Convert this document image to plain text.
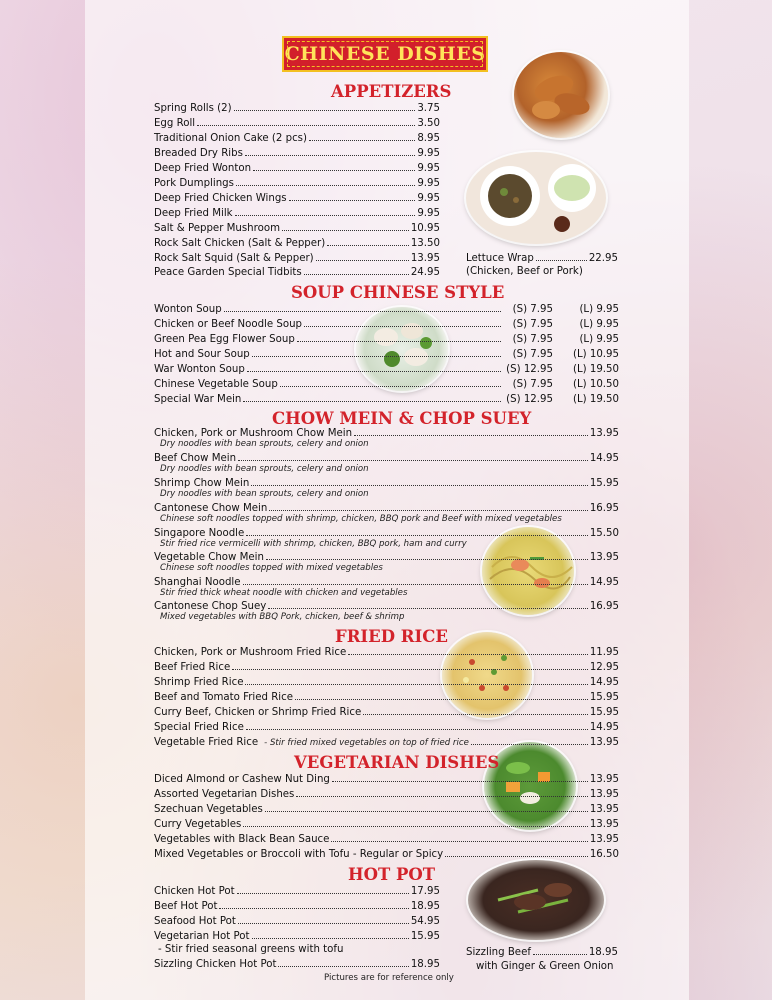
CHINESE DISHES
APPETIZERS
Spring Rolls (2)	3.75
Egg Roll	3.50
Traditional Onion Cake (2 pcs)	8.95
Breaded Dry Ribs	9.95
Deep Fried Wonton	9.95
Pork Dumplings	9.95
Deep Fried Chicken Wings	9.95
Deep Fried Milk	9.95
Salt & Pepper Mushroom	10.95
Rock Salt Chicken (Salt & Pepper)	13.50
Rock Salt Squid (Salt & Pepper)	13.95
Peace Garden Special Tidbits	24.95
Lettuce Wrap	22.95
(Chicken, Beef or Pork)
SOUP CHINESE STYLE
Wonton Soup	(S) 7.95	(L) 9.95
Chicken or Beef Noodle Soup	(S) 7.95	(L) 9.95
Green Pea Egg Flower Soup	(S) 7.95	(L) 9.95
Hot and Sour Soup	(S) 7.95	(L) 10.95
War Wonton Soup	(S) 12.95	(L) 19.50
Chinese Vegetable Soup	(S) 7.95	(L) 10.50
Special War Mein	(S) 12.95	(L) 19.50
CHOW MEIN & CHOP SUEY
Chicken, Pork or Mushroom Chow Mein	13.95
Dry noodles with bean sprouts, celery and onion
Beef Chow Mein	14.95
Dry noodles with bean sprouts, celery and onion
Shrimp Chow Mein	15.95
Dry noodles with bean sprouts, celery and onion
Cantonese Chow Mein	16.95
Chinese soft noodles topped with shrimp, chicken, BBQ pork and Beef with mixed vegetables
Singapore Noodle	15.50
Stir fried rice vermicelli with shrimp, chicken, BBQ pork, ham and curry
Vegetable Chow Mein	13.95
Chinese soft noodles topped with mixed vegetables
Shanghai Noodle	14.95
Stir fried thick wheat noodle with chicken and vegetables
Cantonese Chop Suey	16.95
Mixed vegetables with BBQ Pork, chicken, beef & shrimp
FRIED RICE
Chicken, Pork or Mushroom Fried Rice	11.95
Beef Fried Rice	12.95
Shrimp Fried Rice	14.95
Beef and Tomato Fried Rice	15.95
Curry Beef, Chicken or Shrimp Fried Rice	15.95
Special Fried Rice	14.95
Vegetable Fried Rice - Stir fried mixed vegetables on top of fried rice	13.95
VEGETARIAN DISHES
Diced Almond or Cashew Nut Ding	13.95
Assorted Vegetarian Dishes	13.95
Szechuan Vegetables	13.95
Curry Vegetables	13.95
Vegetables with Black Bean Sauce	13.95
Mixed Vegetables or Broccoli with Tofu - Regular or Spicy	16.50
HOT POT
Chicken Hot Pot	17.95
Beef Hot Pot	18.95
Seafood Hot Pot	54.95
Vegetarian Hot Pot	15.95
- Stir fried seasonal greens with tofu
Sizzling Chicken Hot Pot	18.95
Sizzling Beef	18.95
with Ginger & Green Onion
Pictures are for reference only
